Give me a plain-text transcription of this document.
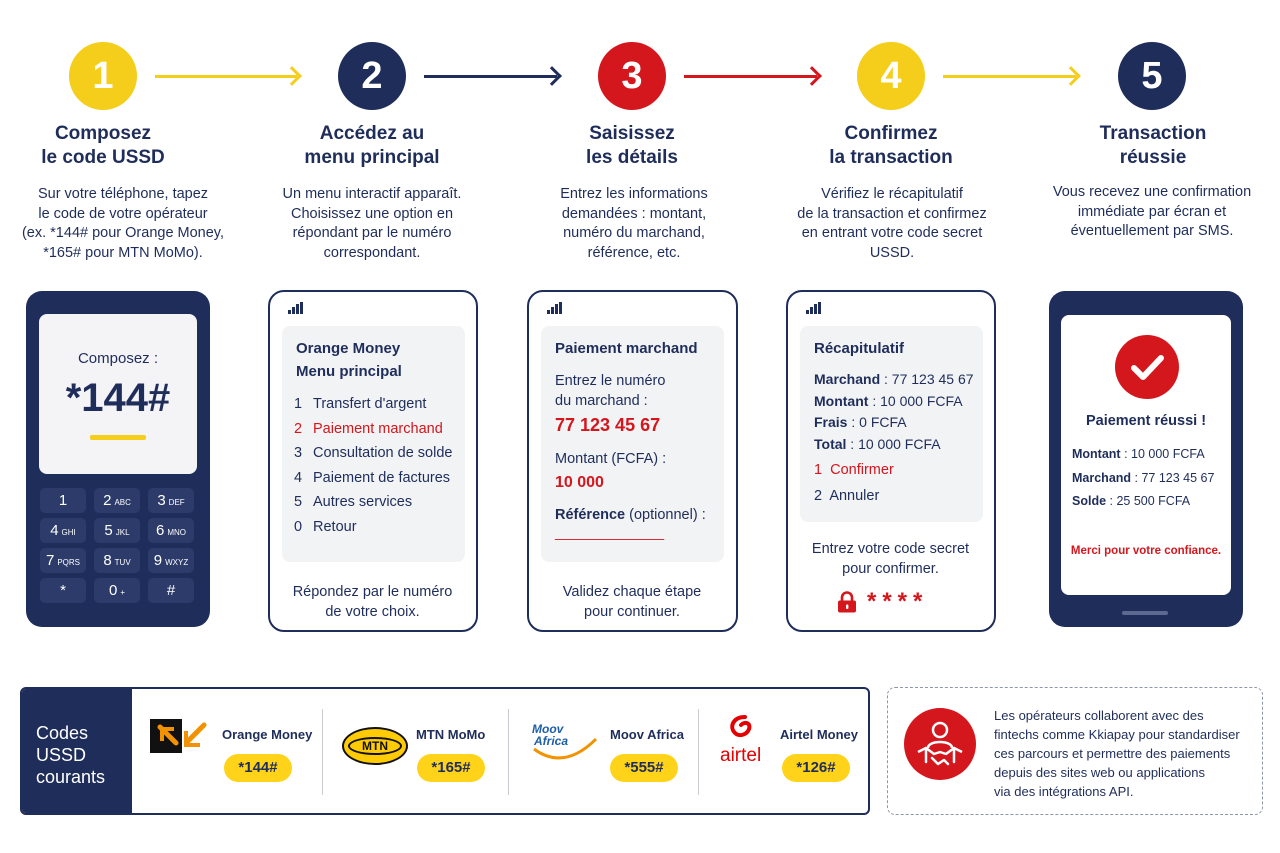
1
Composez
le code USSD
Sur votre téléphone, tapez
le code de votre opérateur
(ex. *144# pour Orange Money,
*165# pour MTN MoMo).
2
Accédez au
menu principal
Un menu interactif apparaît.
Choisissez une option en
répondant par le numéro
correspondant.
3
Saisissez
les détails
Entrez les informations
demandées : montant,
numéro du marchand,
référence, etc.
4
Confirmez
la transaction
Vérifiez le récapitulatif
de la transaction et confirmez
en entrant votre code secret
USSD.
5
Transaction
réussie
Vous recevez une confirmation
immédiate par écran et
éventuellement par SMS.
Composez :
*144#
1	2 ABC	3 DEF
4 GHI	5 JKL	6 MNO
7 PQRS	8 TUV	9 WXYZ
*	0 +	#
Orange Money
Menu principal
1 Transfert d'argent
2 Paiement marchand
3 Consultation de solde
4 Paiement de factures
5 Autres services
0 Retour
Répondez par le numéro
de votre choix.
Paiement marchand
Entrez le numéro
du marchand :
77 123 45 67
Montant (FCFA) :
10 000
Référence (optionnel) :
______________
Validez chaque étape
pour continuer.
Récapitulatif
Marchand : 77 123 45 67
Montant : 10 000 FCFA
Frais : 0 FCFA
Total : 10 000 FCFA
1  Confirmer
2  Annuler
Entrez votre code secret
pour confirmer.
****
Paiement réussi !
Montant : 10 000 FCFA
Marchand : 77 123 45 67
Solde : 25 500 FCFA
Merci pour votre confiance.
Codes
USSD
courants
Orange Money
*144#
MTN
MTN MoMo
*165#
Moov
Africa	Moov Africa
*555#
airtel
Airtel Money
*126#
Les opérateurs collaborent avec des
fintechs comme Kkiapay pour standardiser
ces parcours et permettre des paiements
depuis des sites web ou applications
via des intégrations API.
